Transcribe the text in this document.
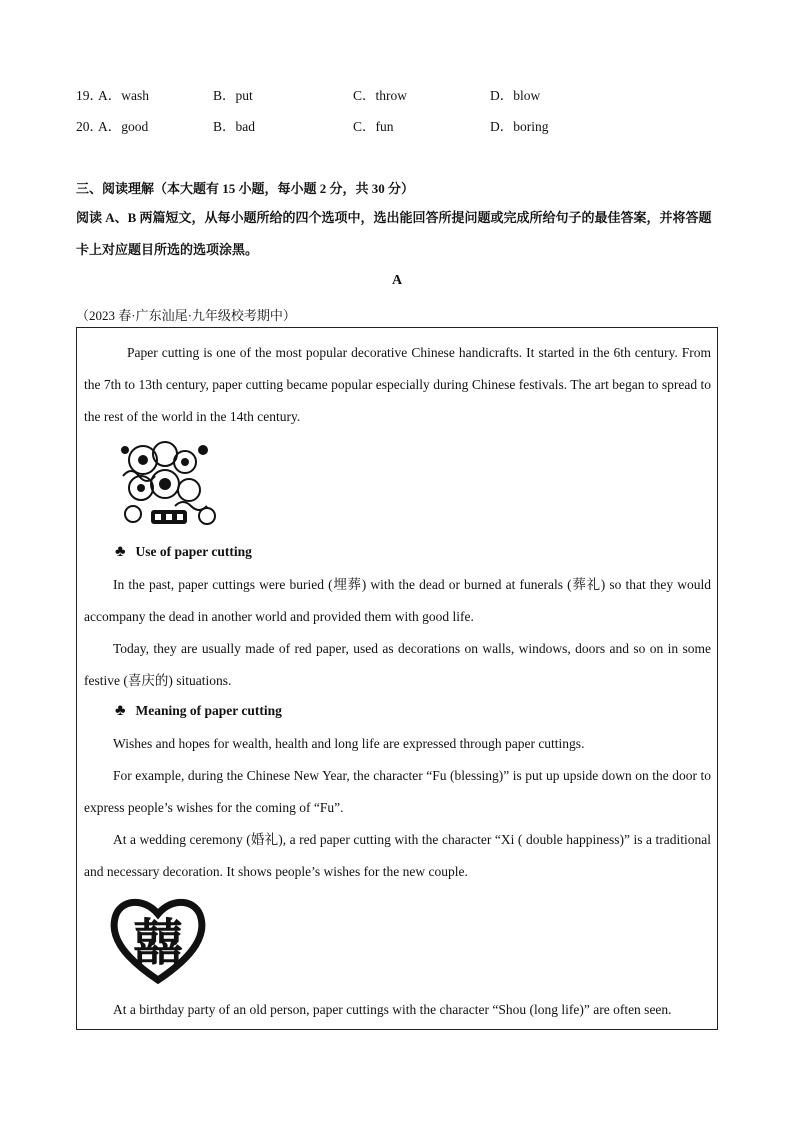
19．
A．wash	B．put	C．throw	D．blow
20．
A．good	B．bad	C．fun	D．boring
三、阅读理解（本大题有 15 小题，每小题 2 分，共 30 分）
阅读 A、B 两篇短文，从每小题所给的四个选项中，选出能回答所提问题或完成所给句子的最佳答案，并将答题卡上对应题目所选的选项涂黑。
A
（2023 春·广东汕尾·九年级校考期中）
Paper cutting is one of the most popular decorative Chinese handicrafts. It started in the 6th century. From the 7th to 13th century, paper cutting became popular especially during Chinese festivals. The art began to spread to the rest of the world in the 14th century.
♣ Use of paper cutting
In the past, paper cuttings were buried (埋葬) with the dead or burned at funerals (葬礼) so that they would accompany the dead in another world and provided them with good life.
Today, they are usually made of red paper, used as decorations on walls, windows, doors and so on in some festive (喜庆的) situations.
♣ Meaning of paper cutting
Wishes and hopes for wealth, health and long life are expressed through paper cuttings.
For example, during the Chinese New Year, the character “Fu (blessing)” is put up upside down on the door to express people’s wishes for the coming of “Fu”.
At a wedding ceremony (婚礼), a red paper cutting with the character “Xi ( double happiness)” is a traditional and necessary decoration. It shows people’s wishes for the new couple.
囍
At a birthday party of an old person, paper cuttings with the character “Shou (long life)” are often seen.
